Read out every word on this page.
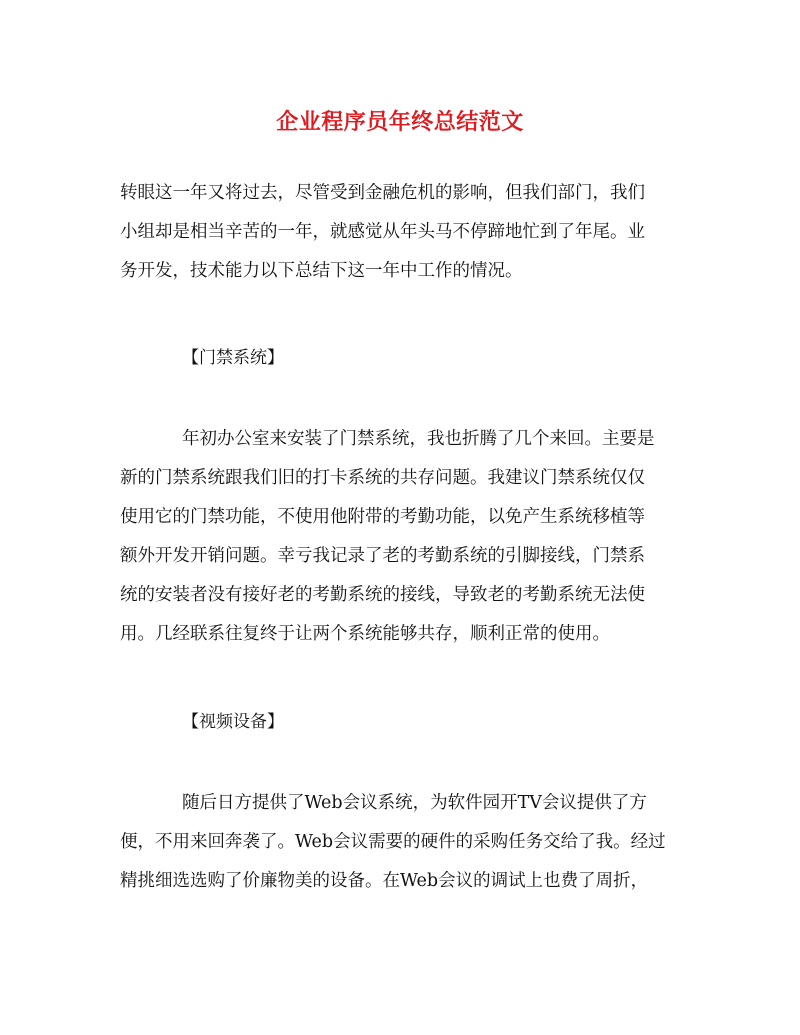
企业程序员年终总结范文
转眼这一年又将过去，尽管受到金融危机的影响，但我们部门，我们
小组却是相当辛苦的一年，就感觉从年头马不停蹄地忙到了年尾。业
务开发，技术能力以下总结下这一年中工作的情况。
【门禁系统】
年初办公室来安装了门禁系统，我也折腾了几个来回。主要是
新的门禁系统跟我们旧的打卡系统的共存问题。我建议门禁系统仅仅
使用它的门禁功能，不使用他附带的考勤功能，以免产生系统移植等
额外开发开销问题。幸亏我记录了老的考勤系统的引脚接线，门禁系
统的安装者没有接好老的考勤系统的接线，导致老的考勤系统无法使
用。几经联系往复终于让两个系统能够共存，顺利正常的使用。
【视频设备】
随后日方提供了Web会议系统，为软件园开TV会议提供了方
便，不用来回奔袭了。Web会议需要的硬件的采购任务交给了我。经过
精挑细选选购了价廉物美的设备。在Web会议的调试上也费了周折，
